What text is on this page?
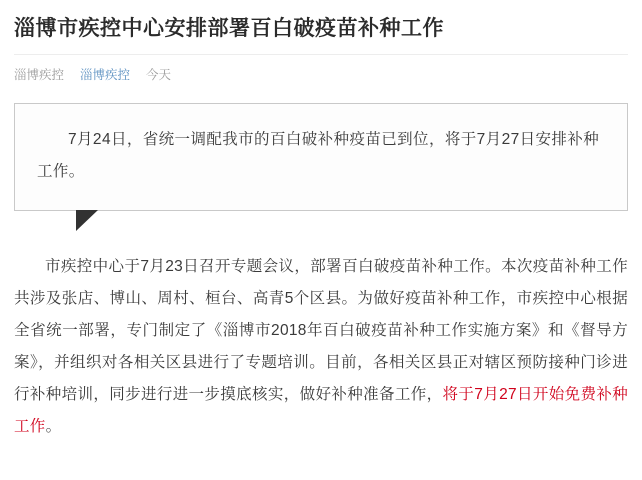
淄博市疾控中心安排部署百白破疫苗补种工作
淄博疾控 淄博疾控 今天

7月24日，省统一调配我市的百白破补种疫苗已到位，将于7月27日安排补种工作。

市疾控中心于7月23日召开专题会议，部署百白破疫苗补种工作。本次疫苗补种工作共涉及张店、博山、周村、桓台、高青5个区县。为做好疫苗补种工作，市疾控中心根据全省统一部署，专门制定了《淄博市2018年百白破疫苗补种工作实施方案》和《督导方案》，并组织对各相关区县进行了专题培训。目前，各相关区县正对辖区预防接种门诊进行补种培训，同步进行进一步摸底核实，做好补种准备工作，将于7月27日开始免费补种工作。
